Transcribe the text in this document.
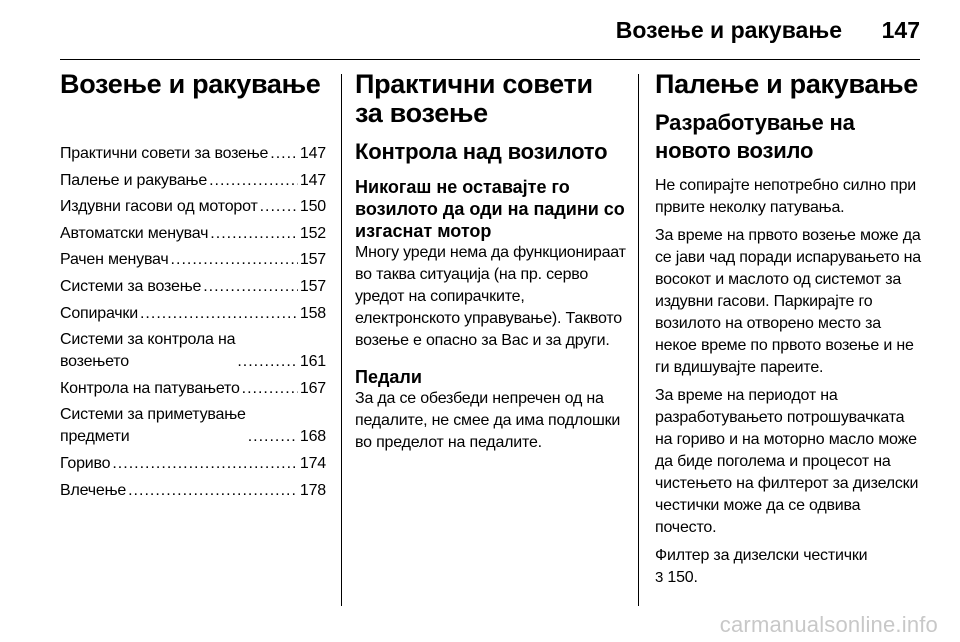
Возење и ракување 147
Возење и ракување
Практични совети за возење ..... 147
Палење и ракување .....	147
Издувни гасови од моторот .....	150
Автоматски менувач .....	152
Рачен менувач .....	157
Системи за возење .....	157
Сопирачки .....	158
Системи за контрола на
возењето .....	161
Контрола на патувањето .....	167
Системи за приметување
предмети .....	168
Гориво .....	174
Влечење .....	178
Практични совети за возење
Контрола над возилото
Никогаш не оставајте го возилото да оди на падини со изгаснат мотор

Многу уреди нема да функционираат во таква ситуација (на пр. серво уредот на сопирачките, електронското управување). Таквото возење е опасно за Вас и за други.

Педали

За да се обезбеди непречен од на педалите, не смее да има подлошки во пределот на педалите.

Палење и ракување
Разработување на новото возило

Не сопирајте непотребно силно при првите неколку патувања.

За време на првото возење може да се јави чад поради испарувањето на восокот и маслото од системот за издувни гасови. Паркирајте го возилото на отворено место за некое време по првото возење и не ги вдишувајте пареите.

За време на периодот на разработувањето потрошувачката на гориво и на моторно масло може да биде поголема и процесот на чистењето на филтерот за дизелски честички може да се одвива почесто.

Филтер за дизелски честички
3 150.

carmanualsonline.info
